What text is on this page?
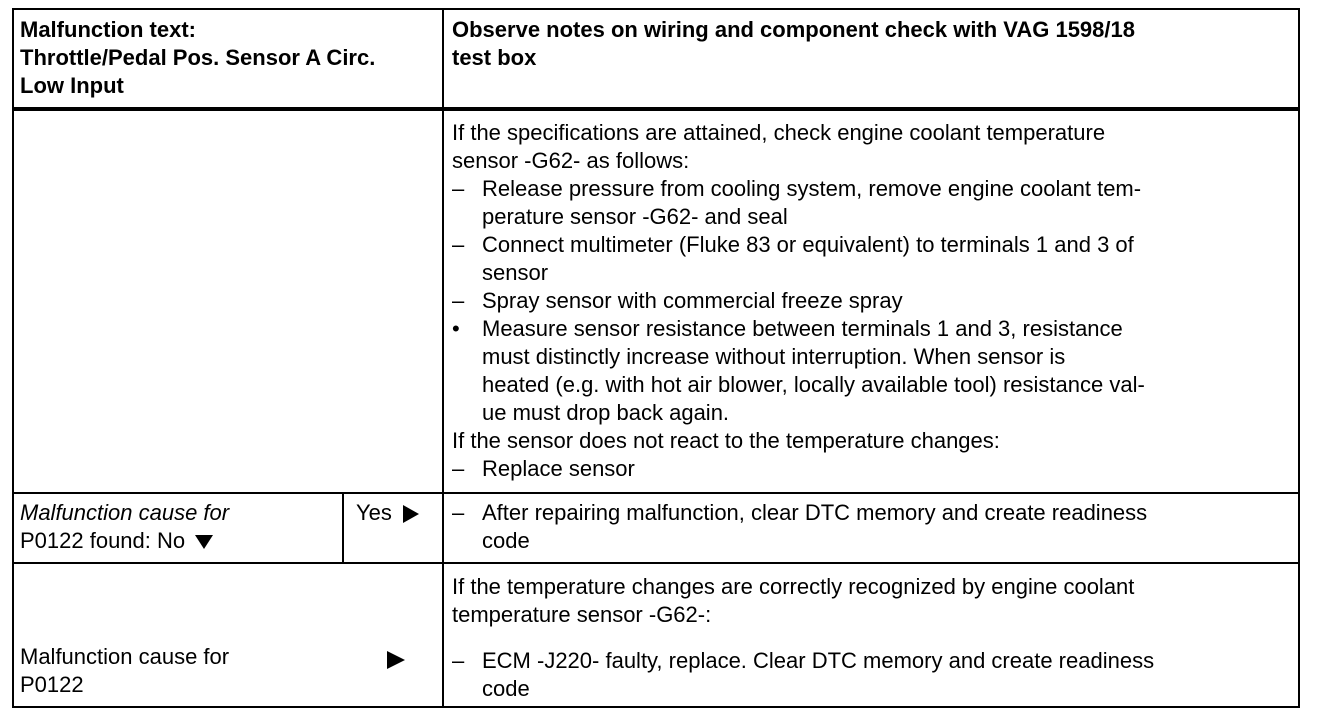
Malfunction text:
Throttle/Pedal Pos. Sensor A Circ.
Low Input
Observe notes on wiring and component check with VAG 1598/18
test box
If the specifications are attained, check engine coolant temperature
sensor -G62- as follows:
– Release pressure from cooling system, remove engine coolant tem-
perature sensor -G62- and seal
– Connect multimeter (Fluke 83 or equivalent) to terminals 1 and 3 of
sensor
– Spray sensor with commercial freeze spray
•	Measure sensor resistance between terminals 1 and 3, resistance
must distinctly increase without interruption. When sensor is
heated (e.g. with hot air blower, locally available tool) resistance val-
ue must drop back again.
If the sensor does not react to the temperature changes:
– Replace sensor
Malfunction cause for
P0122 found: No
Yes	– After repairing malfunction, clear DTC memory and create readiness
code
Malfunction cause for
P0122
If the temperature changes are correctly recognized by engine coolant
temperature sensor -G62-:
– ECM -J220- faulty, replace. Clear DTC memory and create readiness
code
